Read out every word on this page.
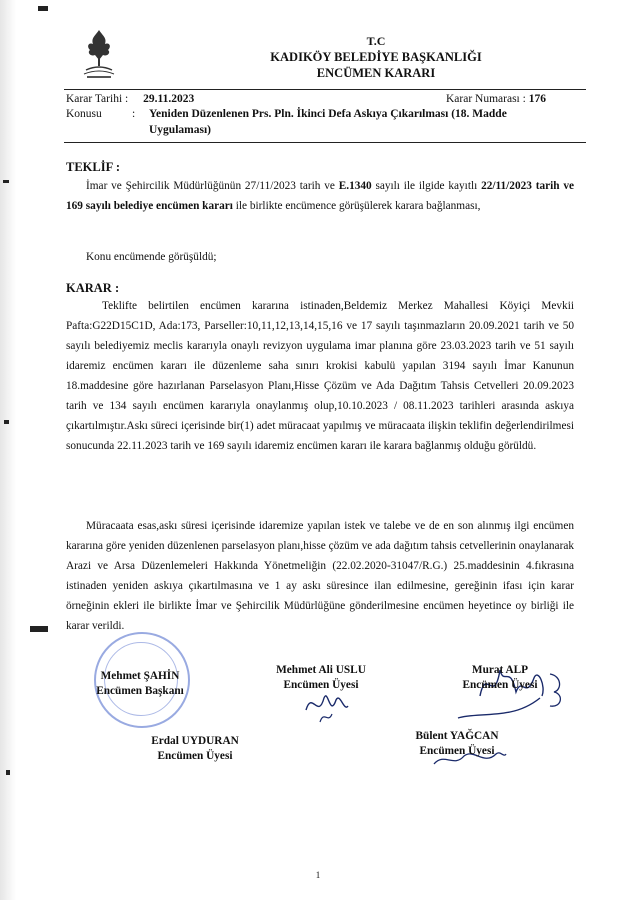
T.C
KADIKÖY BELEDİYE BAŞKANLIĞI
ENCÜMEN KARARI
Karar Tarihi : 29.11.2023	Karar Numarası : 176
Konusu	: Yeniden Düzenlenen Prs. Pln. İkinci Defa Askıya Çıkarılması (18. Madde
Uygulaması)
TEKLİF :
İmar ve Şehircilik Müdürlüğünün 27/11/2023 tarih ve E.1340 sayılı ile ilgide kayıtlı 22/11/2023 tarih ve 169 sayılı belediye encümen kararı ile birlikte encümence görüşülerek karara bağlanması,
Konu encümende görüşüldü;
KARAR :
Teklifte belirtilen encümen kararına istinaden,Beldemiz Merkez Mahallesi Köyiçi Mevkii Pafta:G22D15C1D, Ada:173, Parseller:10,11,12,13,14,15,16 ve 17 sayılı taşınmazların 20.09.2021 tarih ve 50 sayılı belediyemiz meclis kararıyla onaylı revizyon uygulama imar planına göre 23.03.2023 tarih ve 51 sayılı idaremiz encümen kararı ile düzenleme saha sınırı krokisi kabulü yapılan 3194 sayılı İmar Kanunun 18.maddesine göre hazırlanan Parselasyon Planı,Hisse Çözüm ve Ada Dağıtım Tahsis Cetvelleri 20.09.2023 tarih ve 134 sayılı encümen kararıyla onaylanmış olup,10.10.2023 / 08.11.2023 tarihleri arasında askıya çıkartılmıştır.Askı süreci içerisinde bir(1) adet müracaat yapılmış ve müracaata ilişkin teklifin değerlendirilmesi sonucunda 22.11.2023 tarih ve 169 sayılı idaremiz encümen kararı ile karara bağlanmış olduğu görüldü.
Müracaata esas,askı süresi içerisinde idaremize yapılan istek ve talebe ve de en son alınmış ilgi encümen kararına göre yeniden düzenlenen parselasyon planı,hisse çözüm ve ada dağıtım tahsis cetvellerinin onaylanarak Arazi ve Arsa Düzenlemeleri Hakkında Yönetmeliğin (22.02.2020-31047/R.G.) 25.maddesinin 4.fıkrasına istinaden yeniden askıya çıkartılmasına ve 1 ay askı süresince ilan edilmesine, gereğinin ifası için karar örneğinin ekleri ile birlikte İmar ve Şehircilik Müdürlüğüne gönderilmesine encümen heyetince oy birliği ile karar verildi.
Mehmet ŞAHİN
Encümen Başkanı
Mehmet Ali USLU
Encümen Üyesi
Murat ALP
Encümen Üyesi
Erdal UYDURAN
Encümen Üyesi
Bülent YAĞCAN
Encümen Üyesi
1
